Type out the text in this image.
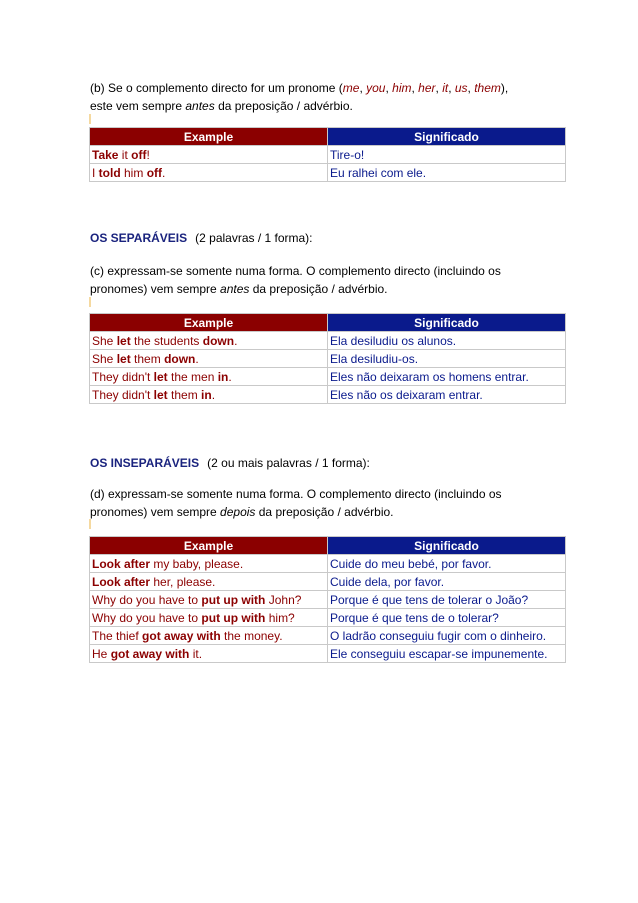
(b) Se o complemento directo for um pronome (me, you, him, her, it, us, them),
este vem sempre antes da preposição / advérbio.
Example	Significado
Take it off!	Tire-o!
I told him off.	Eu ralhei com ele.
OS SEPARÁVEIS (2 palavras / 1 forma):
(c) expressam-se somente numa forma. O complemento directo (incluindo os
pronomes) vem sempre antes da preposição / advérbio.
Example	Significado
She let the students down.	Ela desiludiu os alunos.
She let them down.	Ela desiludiu-os.
They didn't let the men in.	Eles não deixaram os homens entrar.
They didn't let them in.	Eles não os deixaram entrar.
OS INSEPARÁVEIS (2 ou mais palavras / 1 forma):
(d) expressam-se somente numa forma. O complemento directo (incluindo os
pronomes) vem sempre depois da preposição / advérbio.
Example	Significado
Look after my baby, please.	Cuide do meu bebé, por favor.
Look after her, please.	Cuide dela, por favor.
Why do you have to put up with John?	Porque é que tens de tolerar o João?
Why do you have to put up with him?	Porque é que tens de o tolerar?
The thief got away with the money.	O ladrão conseguiu fugir com o dinheiro.
He got away with it.	Ele conseguiu escapar-se impunemente.
